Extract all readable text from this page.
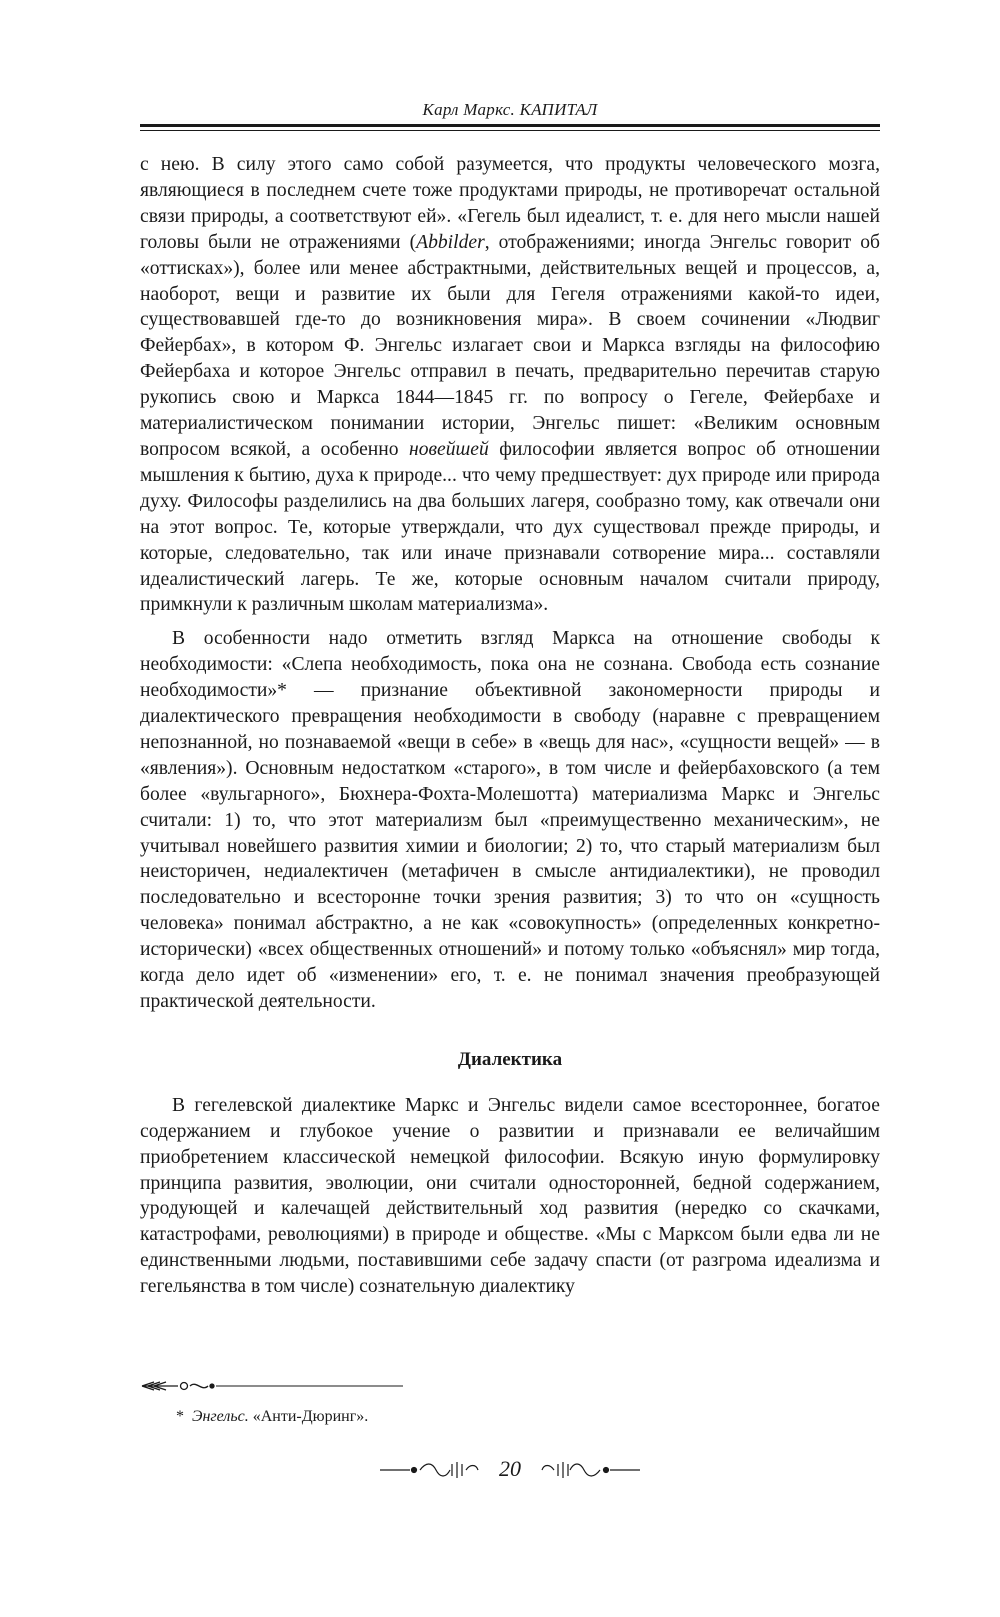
Карл Маркс. КАПИТАЛ

с нею. В силу этого само собой разумеется, что продукты человеческого мозга, являющиеся в последнем счете тоже продуктами природы, не противоречат остальной связи природы, а соответствуют ей». «Гегель был идеалист, т. е. для него мысли нашей головы были не отражениями (Abbilder, отображениями; иногда Энгельс говорит об «оттисках»), более или менее абстрактными, действительных вещей и процессов, а, наоборот, вещи и развитие их были для Гегеля отражениями какой-то идеи, существовавшей где-то до возникновения мира». В своем сочинении «Людвиг Фейербах», в котором Ф. Энгельс излагает свои и Маркса взгляды на философию Фейербаха и которое Энгельс отправил в печать, предварительно перечитав старую рукопись свою и Маркса 1844—1845 гг. по вопросу о Гегеле, Фейербахе и материалистическом понимании истории, Энгельс пишет: «Великим основным вопросом всякой, а особенно новейшей философии является вопрос об отношении мышления к бытию, духа к природе... что чему предшествует: дух природе или природа духу. Философы разделились на два больших лагеря, сообразно тому, как отвечали они на этот вопрос. Те, которые утверждали, что дух существовал прежде природы, и которые, следовательно, так или иначе признавали сотворение мира... составляли идеалистический лагерь. Те же, которые основным началом считали природу, примкнули к различным школам материализма».

В особенности надо отметить взгляд Маркса на отношение свободы к необходимости: «Слепа необходимость, пока она не сознана. Свобода есть сознание необходимости»* — признание объективной закономерности природы и диалектического превращения необходимости в свободу (наравне с превращением непознанной, но познаваемой «вещи в себе» в «вещь для нас», «сущности вещей» — в «явления»). Основным недостатком «старого», в том числе и фейербаховского (а тем более «вульгарного», Бюхнера-Фохта-Молешотта) материализма Маркс и Энгельс считали: 1) то, что этот материализм был «преимущественно механическим», не учитывал новейшего развития химии и биологии; 2) то, что старый материализм был неисторичен, недиалектичен (метафичен в смысле антидиалектики), не проводил последовательно и всесторонне точки зрения развития; 3) то что он «сущность человека» понимал абстрактно, а не как «совокупность» (определенных конкретно-исторически) «всех общественных отношений» и потому только «объяснял» мир тогда, когда дело идет об «изменении» его, т. е. не понимал значения преобразующей практической деятельности.

Диалектика

В гегелевской диалектике Маркс и Энгельс видели самое всестороннее, богатое содержанием и глубокое учение о развитии и признавали ее величайшим приобретением классической немецкой философии. Всякую иную формулировку принципа развития, эволюции, они считали односторонней, бедной содержанием, уродующей и калечащей действительный ход развития (нередко со скачками, катастрофами, революциями) в природе и обществе. «Мы с Марксом были едва ли не единственными людьми, поставившими себе задачу спасти (от разгрома идеализма и гегельянства в том числе) сознательную диалектику

* Энгельс. «Анти-Дюринг».
20
